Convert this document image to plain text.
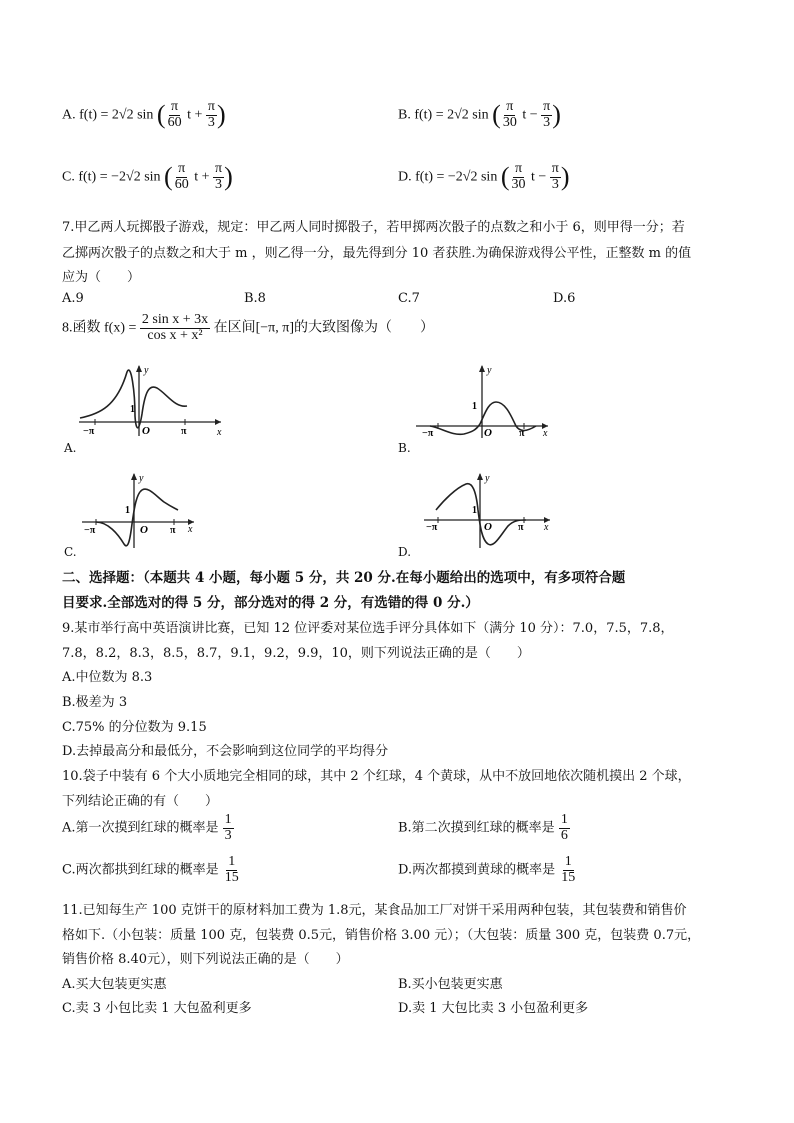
A. f(t) = 2√2 sin ( $\frac{\pi}{60}$ $t + \frac{\pi}{3}$ )	B. f(t) = 2√2 sin ( $\frac{\pi}{30}$ $t - \frac{\pi}{3}$ )
C. f(t) = −2√2 sin ( $\frac{\pi}{60}$ $t + \frac{\pi}{3}$ )	D. f(t) = −2√2 sin ( $\frac{\pi}{30}$ $t - \frac{\pi}{3}$ )
7.甲乙两人玩掷骰子游戏，规定：甲乙两人同时掷骰子，若甲掷两次骰子的点数之和小于 6，则甲得一分；若
乙掷两次骰子的点数之和大于 m ，则乙得一分，最先得到分 10 者获胜.为确保游戏得公平性，正整数 m 的值
应为（　　）
A.9	B.8	C.7	D.6
8.函数 $f(x) = \frac{\text{2 sin x + 3x}}{\text{cos x + x²}}$ 在区间[−π, π]的大致图像为（　　）
y
x
1
O
−π	π
A.
y
x
1
O
−π	π
B.
y
x
1
O
−π	π
C.
y
x
1
O
−π	π
D.
二、选择题：（本题共 4 小题，每小题 5 分，共 20 分.在每小题给出的选项中，有多项符合题
目要求.全部选对的得 5 分，部分选对的得 2 分，有选错的得 0 分.）
9.某市举行高中英语演讲比赛，已知 12 位评委对某位选手评分具体如下（满分 10 分）：7.0，7.5，7.8，
7.8，8.2，8.3，8.5，8.7，9.1，9.2，9.9，10，则下列说法正确的是（　　）
A.中位数为 8.3
B.极差为 3
C.75% 的分位数为 9.15
D.去掉最高分和最低分，不会影响到这位同学的平均得分
10.袋子中装有 6 个大小质地完全相同的球，其中 2 个红球，4 个黄球，从中不放回地依次随机摸出 2 个球，
下列结论正确的有（　　）
A.第一次摸到红球的概率是 $\frac{1}{3}$	B.第二次摸到红球的概率是 $\frac{1}{6}$
C.两次都拱到红球的概率是 $\frac{1}{15}$	D.两次都摸到黄球的概率是 $\frac{1}{15}$
11.已知每生产 100 克饼干的原材料加工费为 1.8元，某食品加工厂对饼干采用两种包装，其包装费和销售价
格如下.（小包装：质量 100 克，包装费 0.5元，销售价格 3.00 元）；（大包装：质量 300 克，包装费 0.7元，
销售价格 8.40元），则下列说法正确的是（　　）
A.买大包装更实惠	B.买小包装更实惠
C.卖 3 小包比卖 1 大包盈利更多	D.卖 1 大包比卖 3 小包盈利更多
